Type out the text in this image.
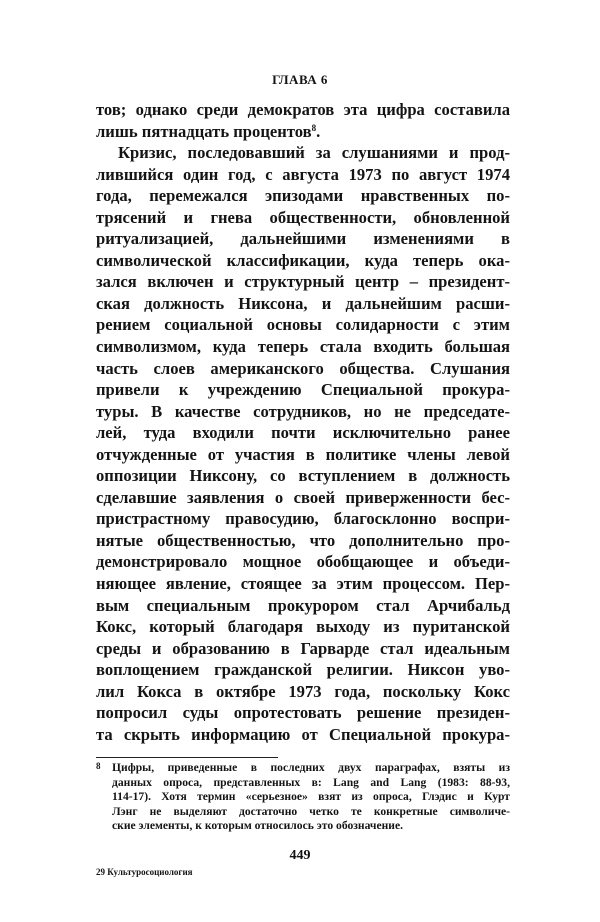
ГЛАВА 6
тов; однако среди демократов эта цифра составила
лишь пятнадцать процентов$^8$.
Кризис, последовавший за слушаниями и прод-
лившийся один год, с августа 1973 по август 1974
года, перемежался эпизодами нравственных по-
трясений и гнева общественности, обновленной
ритуализацией, дальнейшими изменениями в
символической классификации, куда теперь ока-
зался включен и структурный центр – президент-
ская должность Никсона, и дальнейшим расши-
рением социальной основы солидарности с этим
символизмом, куда теперь стала входить большая
часть слоев американского общества. Слушания
привели к учреждению Специальной прокура-
туры. В качестве сотрудников, но не председате-
лей, туда входили почти исключительно ранее
отчужденные от участия в политике члены левой
оппозиции Никсону, со вступлением в должность
сделавшие заявления о своей приверженности бес-
пристрастному правосудию, благосклонно воспри-
нятые общественностью, что дополнительно про-
демонстрировало мощное обобщающее и объеди-
няющее явление, стоящее за этим процессом. Пер-
вым специальным прокурором стал Арчибальд
Кокс, который благодаря выходу из пуританской
среды и образованию в Гарварде стал идеальным
воплощением гражданской религии. Никсон уво-
лил Кокса в октябре 1973 года, поскольку Кокс
попросил суды опротестовать решение президен-
та скрыть информацию от Специальной прокура-
8 Цифры, приведенные в последних двух параграфах, взяты из
данных опроса, представленных в: Lang and Lang (1983: 88-93,
114-17). Хотя термин «серьезное» взят из опроса, Глэдис и Курт
Лэнг не выделяют достаточно четко те конкретные символиче-
ские элементы, к которым относилось это обозначение.
449
29 Культуросоциология
